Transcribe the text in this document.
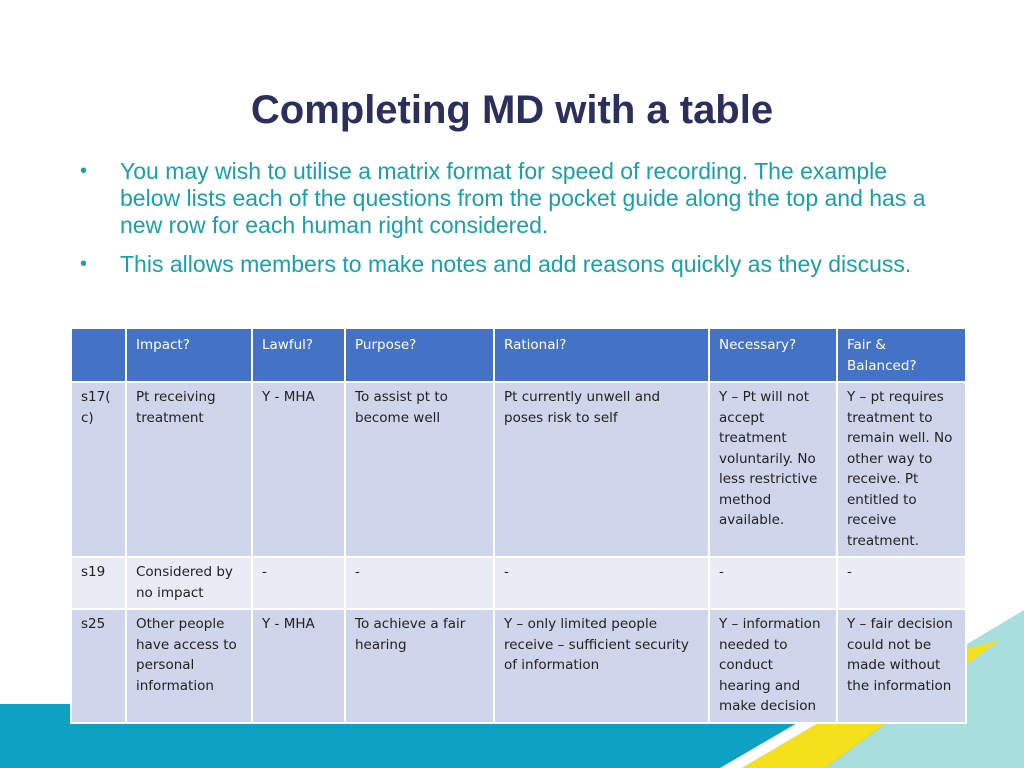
Completing MD with a table
• You may wish to utilise a matrix format for speed of recording. The example below lists each of the questions from the pocket guide along the top and has a new row for each human right considered.
• This allows members to make notes and add reasons quickly as they discuss.
	Impact?	Lawful?	Purpose?	Rational?	Necessary?	Fair & Balanced?
s17( c)	Pt receiving treatment	Y - MHA	To assist pt to become well	Pt currently unwell and poses risk to self	Y – Pt will not accept treatment voluntarily. No less restrictive method available.	Y – pt requires treatment to remain well. No other way to receive. Pt entitled to receive treatment.
s19	Considered by no impact	-	-	-	-	-
s25	Other people have access to personal information	Y - MHA	To achieve a fair hearing	Y – only limited people receive – sufficient security of information	Y – information needed to conduct hearing and make decision	Y – fair decision could not be made without the information
